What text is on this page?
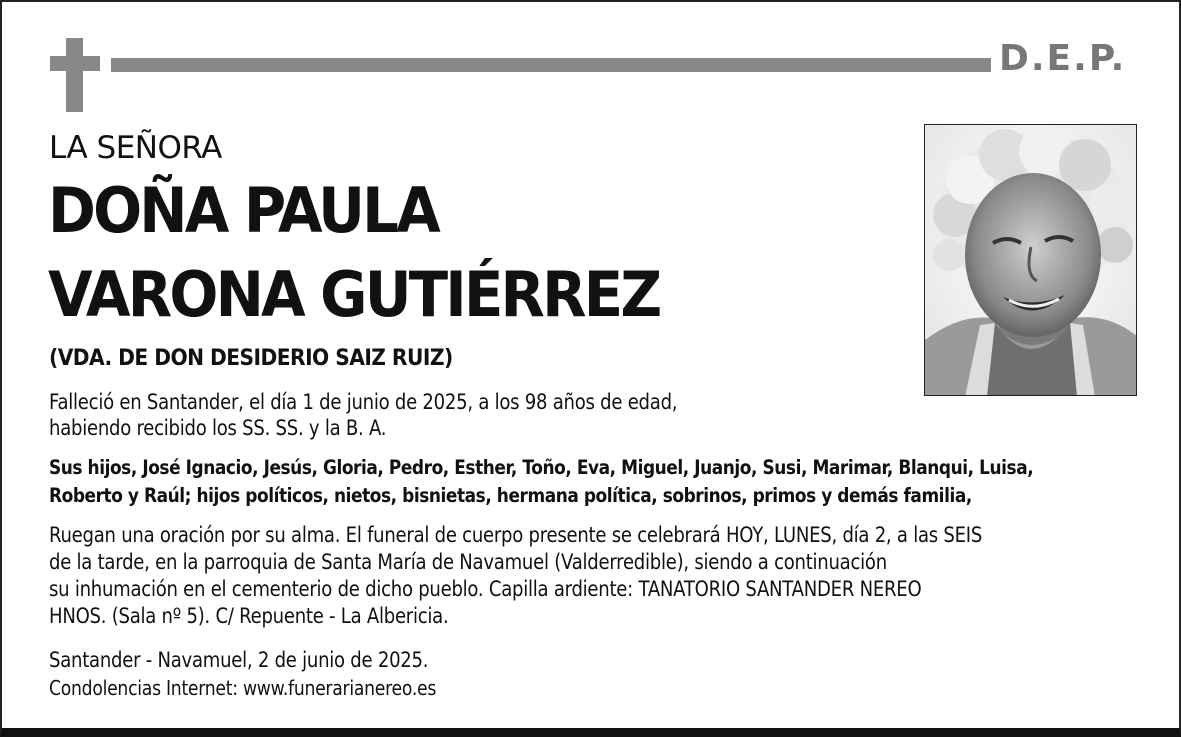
D.E.P.
LA SEÑORA
DOÑA PAULA
VARONA GUTIÉRREZ
(VDA. DE DON DESIDERIO SAIZ RUIZ)
Falleció en Santander, el día 1 de junio de 2025, a los 98 años de edad,
habiendo recibido los SS. SS. y la B. A.
Sus hijos, José Ignacio, Jesús, Gloria, Pedro, Esther, Toño, Eva, Miguel, Juanjo, Susi, Marimar, Blanqui, Luisa,
Roberto y Raúl; hijos políticos, nietos, bisnietas, hermana política, sobrinos, primos y demás familia,
Ruegan una oración por su alma. El funeral de cuerpo presente se celebrará HOY, LUNES, día 2, a las SEIS
de la tarde, en la parroquia de Santa María de Navamuel (Valderredible), siendo a continuación
su inhumación en el cementerio de dicho pueblo. Capilla ardiente: TANATORIO SANTANDER NEREO
HNOS. (Sala nº 5). C/ Repuente - La Albericia.
Santander - Navamuel, 2 de junio de 2025.
Condolencias Internet: www.funerarianereo.es
